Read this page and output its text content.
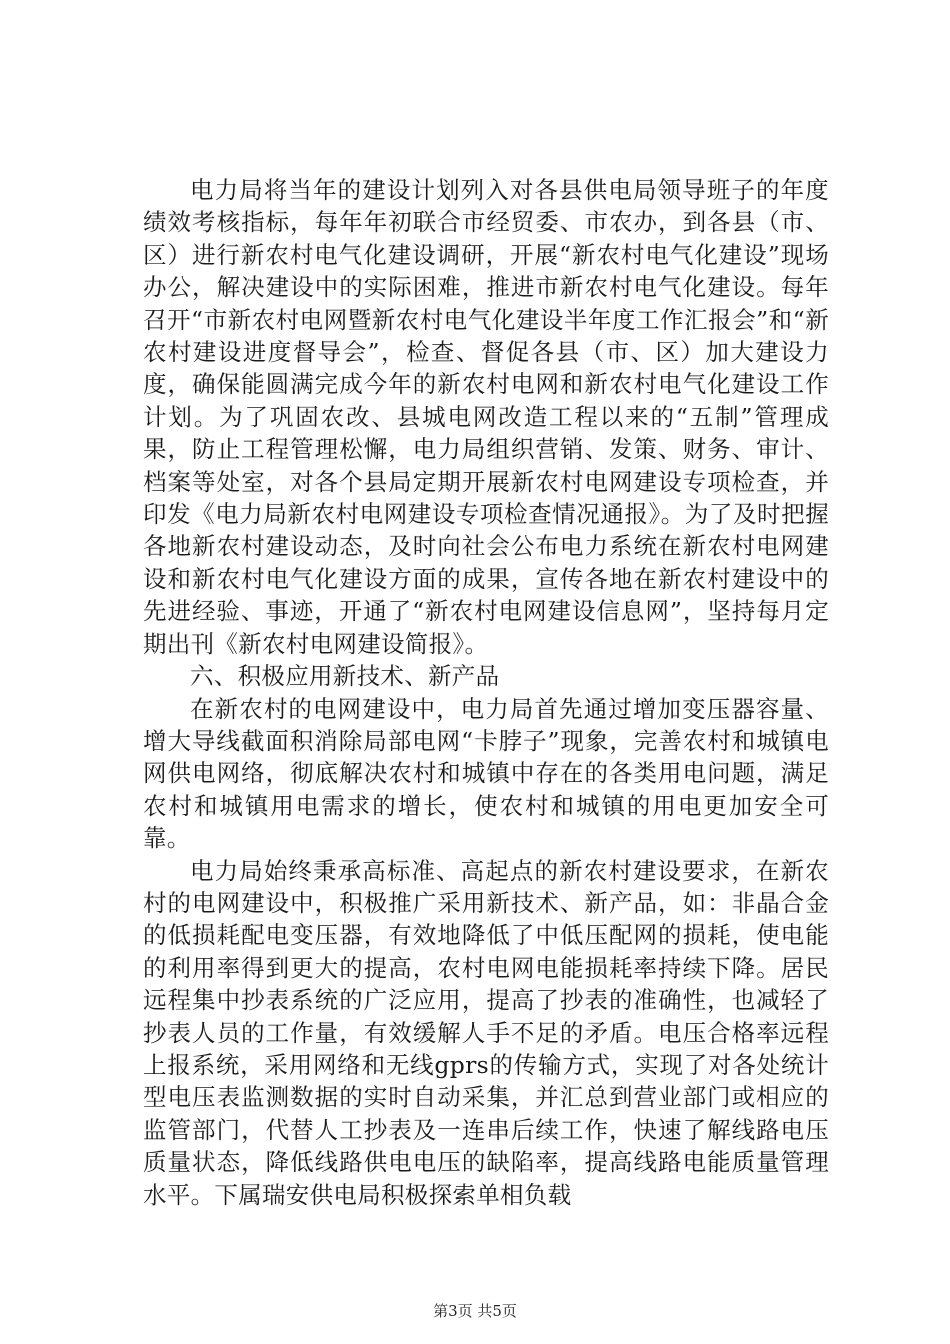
电力局将当年的建设计划列入对各县供电局领导班子的年度绩效考核指标，每年年初联合市经贸委、市农办，到各县（市、区）进行新农村电气化建设调研，开展“新农村电气化建设”现场办公，解决建设中的实际困难，推进市新农村电气化建设。每年召开“市新农村电网暨新农村电气化建设半年度工作汇报会”和“新农村建设进度督导会”，检查、督促各县（市、区）加大建设力度，确保能圆满完成今年的新农村电网和新农村电气化建设工作计划。为了巩固农改、县城电网改造工程以来的“五制”管理成果，防止工程管理松懈，电力局组织营销、发策、财务、审计、档案等处室，对各个县局定期开展新农村电网建设专项检查，并印发《电力局新农村电网建设专项检查情况通报》。为了及时把握各地新农村建设动态，及时向社会公布电力系统在新农村电网建设和新农村电气化建设方面的成果，宣传各地在新农村建设中的先进经验、事迹，开通了“新农村电网建设信息网”，坚持每月定期出刊《新农村电网建设简报》。

六、积极应用新技术、新产品

在新农村的电网建设中，电力局首先通过增加变压器容量、增大导线截面积消除局部电网“卡脖子”现象，完善农村和城镇电网供电网络，彻底解决农村和城镇中存在的各类用电问题，满足农村和城镇用电需求的增长，使农村和城镇的用电更加安全可靠。

电力局始终秉承高标准、高起点的新农村建设要求，在新农村的电网建设中，积极推广采用新技术、新产品，如：非晶合金的低损耗配电变压器，有效地降低了中低压配网的损耗，使电能的利用率得到更大的提高，农村电网电能损耗率持续下降。居民远程集中抄表系统的广泛应用，提高了抄表的准确性，也减轻了抄表人员的工作量，有效缓解人手不足的矛盾。电压合格率远程上报系统，采用网络和无线gprs的传输方式，实现了对各处统计型电压表监测数据的实时自动采集，并汇总到营业部门或相应的监管部门，代替人工抄表及一连串后续工作，快速了解线路电压质量状态，降低线路供电电压的缺陷率，提高线路电能质量管理水平。下属瑞安供电局积极探索单相负载

第3页 共5页
